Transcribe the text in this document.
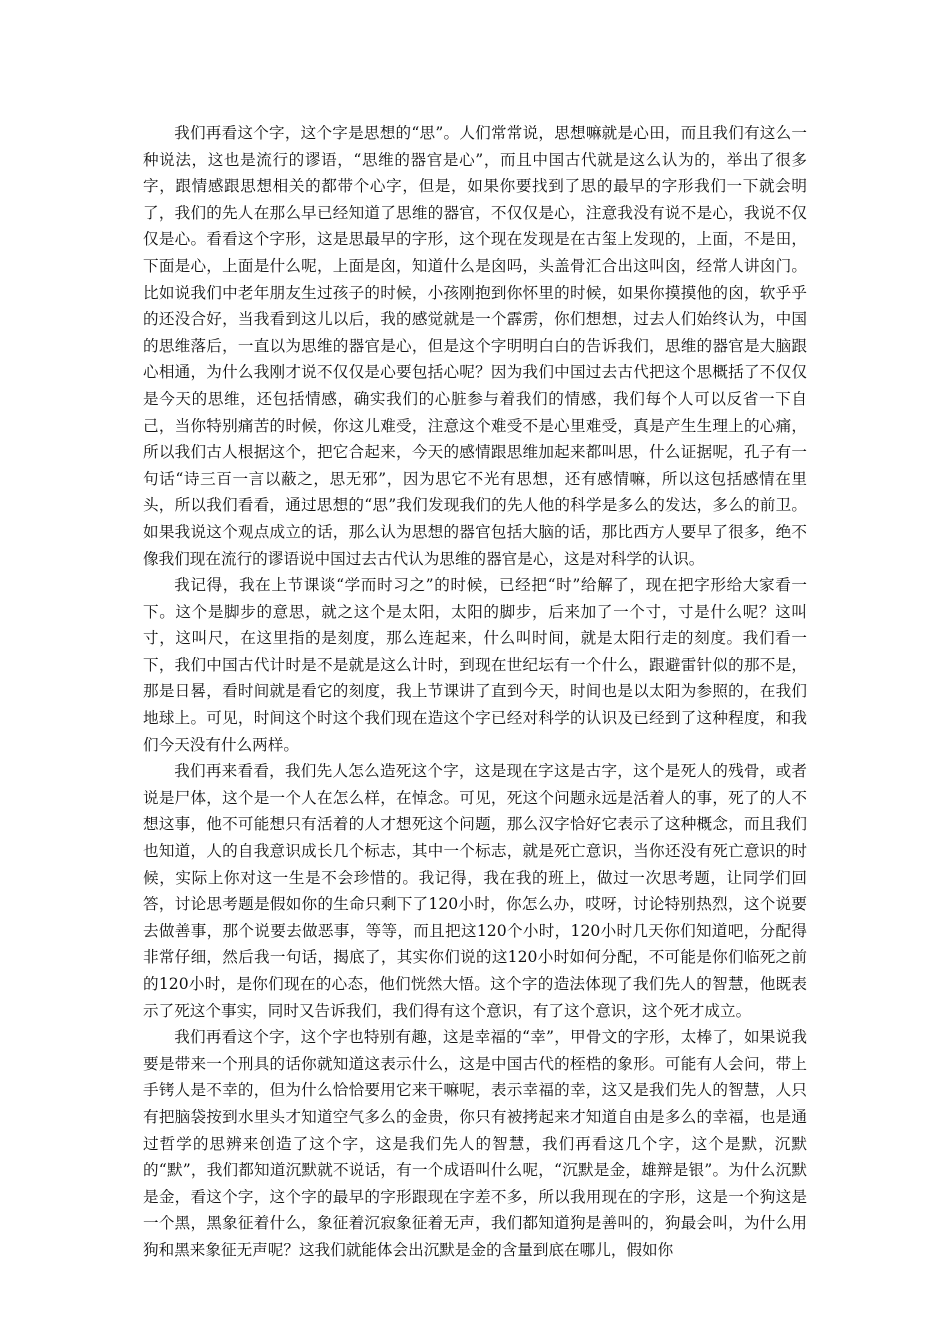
我们再看这个字，这个字是思想的“思”。人们常常说，思想嘛就是心田，而且我们有这么一种说法，这也是流行的谬语，“思维的器官是心”，而且中国古代就是这么认为的，举出了很多字，跟情感跟思想相关的都带个心字，但是，如果你要找到了思的最早的字形我们一下就会明了，我们的先人在那么早已经知道了思维的器官，不仅仅是心，注意我没有说不是心，我说不仅仅是心。看看这个字形，这是思最早的字形，这个现在发现是在古玺上发现的，上面，不是田，下面是心，上面是什么呢，上面是囟，知道什么是囟吗，头盖骨汇合出这叫囟，经常人讲囟门。比如说我们中老年朋友生过孩子的时候，小孩刚抱到你怀里的时候，如果你摸摸他的囟，软乎乎的还没合好，当我看到这儿以后，我的感觉就是一个霹雳，你们想想，过去人们始终认为，中国的思维落后，一直以为思维的器官是心，但是这个字明明白白的告诉我们，思维的器官是大脑跟心相通，为什么我刚才说不仅仅是心要包括心呢？因为我们中国过去古代把这个思概括了不仅仅是今天的思维，还包括情感，确实我们的心脏参与着我们的情感，我们每个人可以反省一下自己，当你特别痛苦的时候，你这儿难受，注意这个难受不是心里难受，真是产生生理上的心痛，所以我们古人根据这个，把它合起来，今天的感情跟思维加起来都叫思，什么证据呢，孔子有一句话“诗三百一言以蔽之，思无邪”，因为思它不光有思想，还有感情嘛，所以这包括感情在里头，所以我们看看，通过思想的“思”我们发现我们的先人他的科学是多么的发达，多么的前卫。如果我说这个观点成立的话，那么认为思想的器官包括大脑的话，那比西方人要早了很多，绝不像我们现在流行的谬语说中国过去古代认为思维的器官是心，这是对科学的认识。

我记得，我在上节课谈“学而时习之”的时候，已经把“时”给解了，现在把字形给大家看一下。这个是脚步的意思，就之这个是太阳，太阳的脚步，后来加了一个寸，寸是什么呢？这叫寸，这叫尺，在这里指的是刻度，那么连起来，什么叫时间，就是太阳行走的刻度。我们看一下，我们中国古代计时是不是就是这么计时，到现在世纪坛有一个什么，跟避雷针似的那不是，那是日晷，看时间就是看它的刻度，我上节课讲了直到今天，时间也是以太阳为参照的，在我们地球上。可见，时间这个时这个我们现在造这个字已经对科学的认识及已经到了这种程度，和我们今天没有什么两样。

我们再来看看，我们先人怎么造死这个字，这是现在字这是古字，这个是死人的残骨，或者说是尸体，这个是一个人在怎么样，在悼念。可见，死这个问题永远是活着人的事，死了的人不想这事，他不可能想只有活着的人才想死这个问题，那么汉字恰好它表示了这种概念，而且我们也知道，人的自我意识成长几个标志，其中一个标志，就是死亡意识，当你还没有死亡意识的时候，实际上你对这一生是不会珍惜的。我记得，我在我的班上，做过一次思考题，让同学们回答，讨论思考题是假如你的生命只剩下了120小时，你怎么办，哎呀，讨论特别热烈，这个说要去做善事，那个说要去做恶事，等等，而且把这120个小时，120小时几天你们知道吧，分配得非常仔细，然后我一句话，揭底了，其实你们说的这120小时如何分配，不可能是你们临死之前的120小时，是你们现在的心态，他们恍然大悟。这个字的造法体现了我们先人的智慧，他既表示了死这个事实，同时又告诉我们，我们得有这个意识，有了这个意识，这个死才成立。

我们再看这个字，这个字也特别有趣，这是幸福的“幸”，甲骨文的字形，太棒了，如果说我要是带来一个刑具的话你就知道这表示什么，这是中国古代的桎梏的象形。可能有人会问，带上手铐人是不幸的，但为什么恰恰要用它来干嘛呢，表示幸福的幸，这又是我们先人的智慧，人只有把脑袋按到水里头才知道空气多么的金贵，你只有被拷起来才知道自由是多么的幸福，也是通过哲学的思辨来创造了这个字，这是我们先人的智慧，我们再看这几个字，这个是默，沉默的“默”，我们都知道沉默就不说话，有一个成语叫什么呢，“沉默是金，雄辩是银”。为什么沉默是金，看这个字，这个字的最早的字形跟现在字差不多，所以我用现在的字形，这是一个狗这是一个黑，黑象征着什么，象征着沉寂象征着无声，我们都知道狗是善叫的，狗最会叫，为什么用狗和黑来象征无声呢？这我们就能体会出沉默是金的含量到底在哪儿，假如你
